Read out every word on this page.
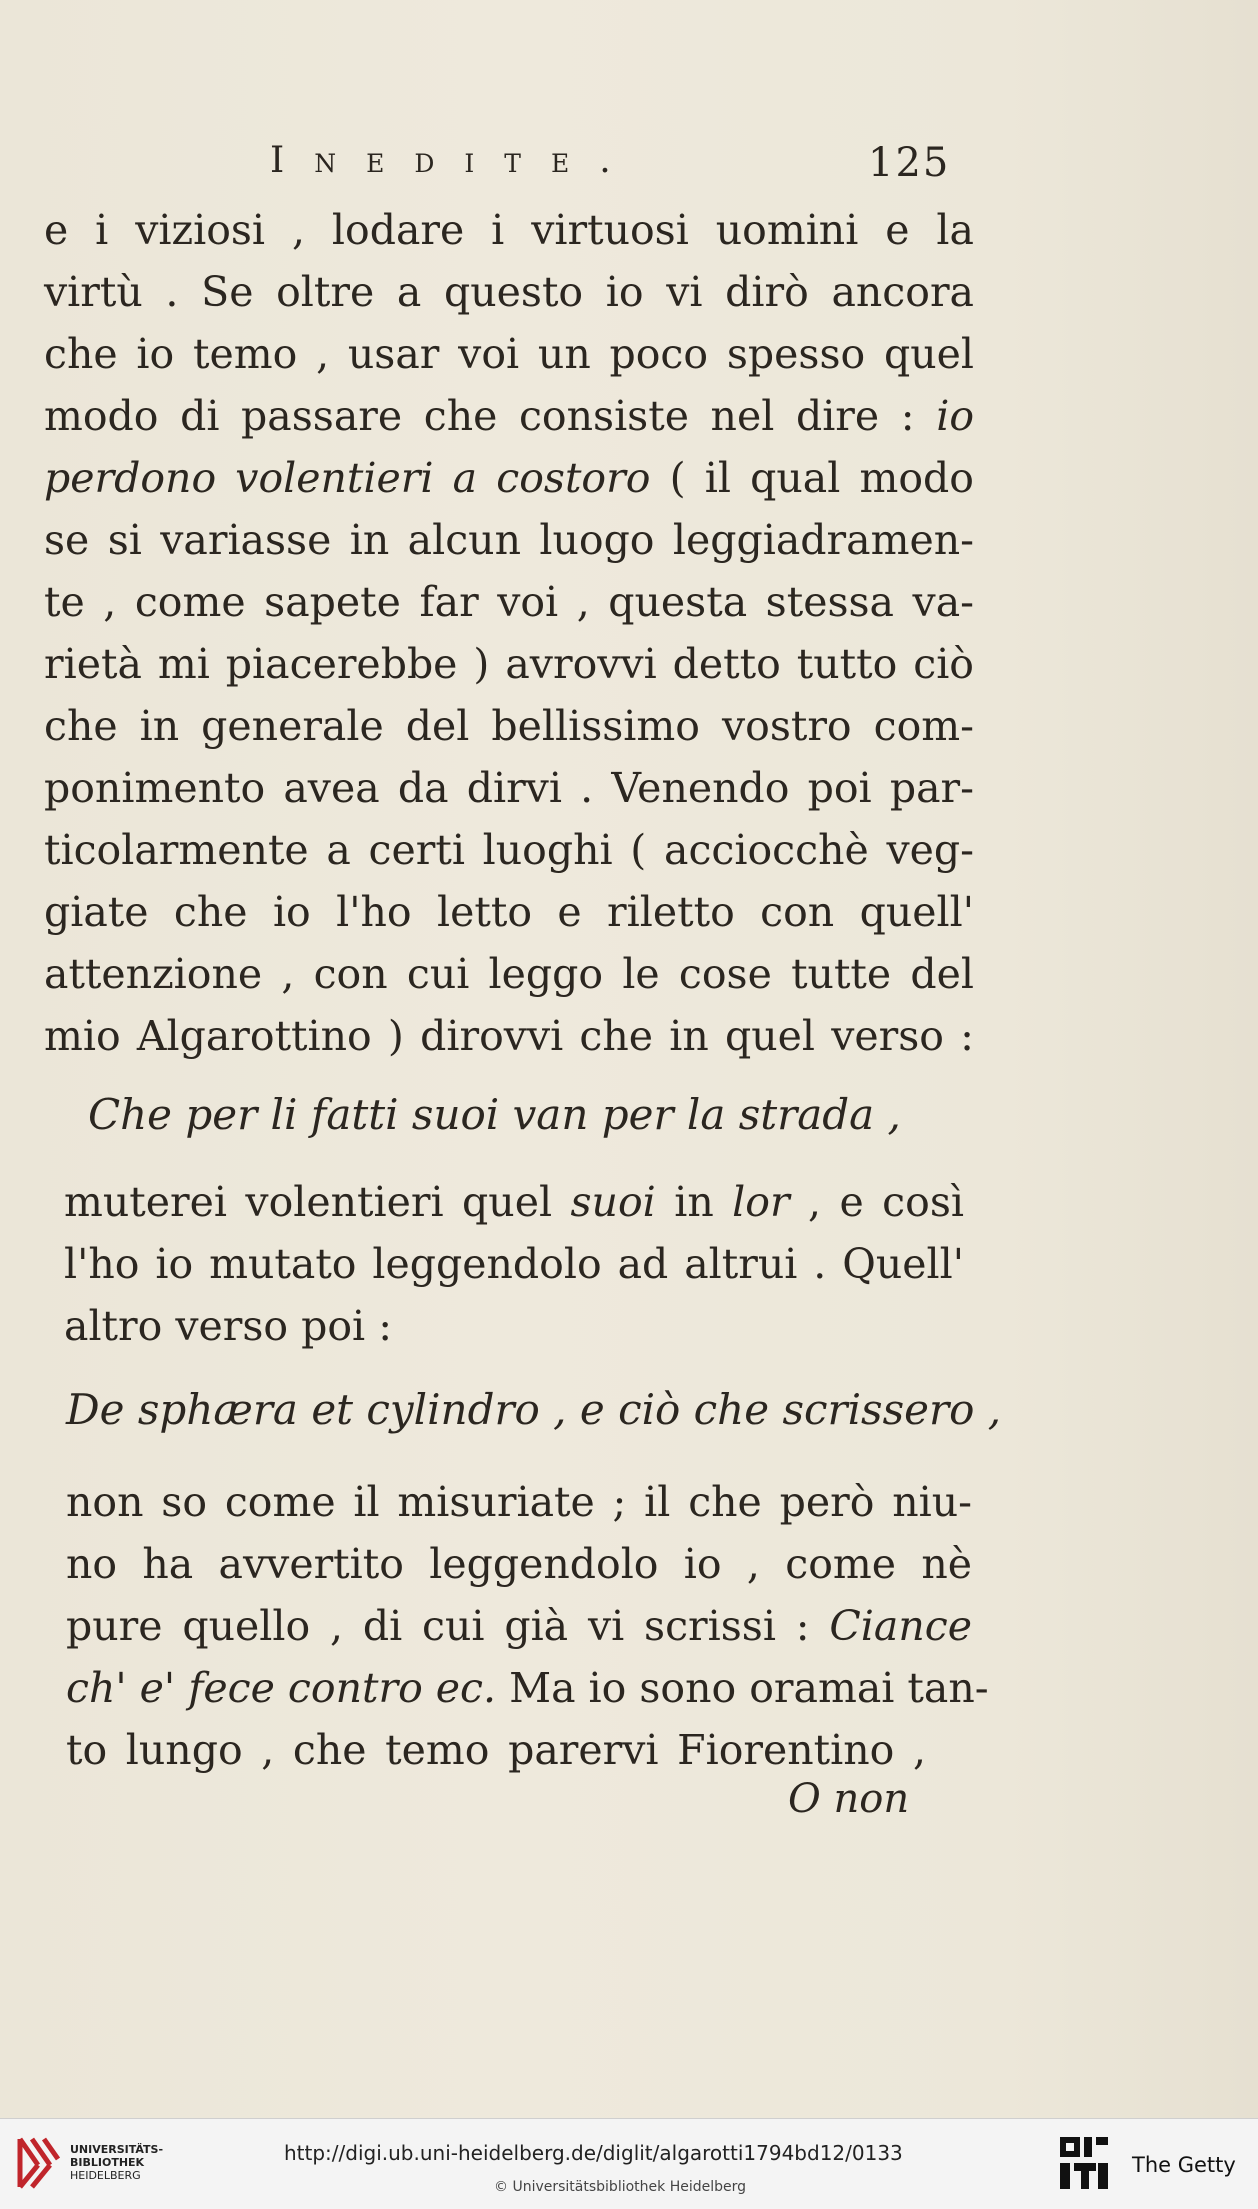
Inedite.	125
e i viziosi , lodare i virtuosi uomini e la
virtù . Se oltre a questo io vi dirò ancora
che io temo , usar voi un poco spesso quel
modo di passare che consiste nel dire : io
perdono volentieri a costoro ( il qual modo
se si variasse in alcun luogo leggiadramen-
te , come sapete far voi , questa stessa va-
rietà mi piacerebbe ) avrovvi detto tutto ciò
che in generale del bellissimo vostro com-
ponimento avea da dirvi . Venendo poi par-
ticolarmente a certi luoghi ( acciocchè veg-
giate che io l'ho letto e riletto con quell'
attenzione , con cui leggo le cose tutte del
mio Algarottino ) dirovvi che in quel verso :
Che per li fatti suoi van per la strada ,
muterei volentieri quel suoi in lor , e così
l'ho io mutato leggendolo ad altrui . Quell'
altro verso poi :
De sphæra et cylindro , e ciò che scrissero ,
non so come il misuriate ; il che però niu-
no ha avvertito leggendolo io , come nè
pure quello , di cui già vi scrissi : Ciance
ch' e' fece contro ec. Ma io sono oramai tan-
to lungo , che temo parervi Fiorentino ,
O non
UNIVERSITÄTS-
BIBLIOTHEK
HEIDELBERG
http://digi.ub.uni-heidelberg.de/diglit/algarotti1794bd12/0133
© Universitätsbibliothek Heidelberg
The Getty
